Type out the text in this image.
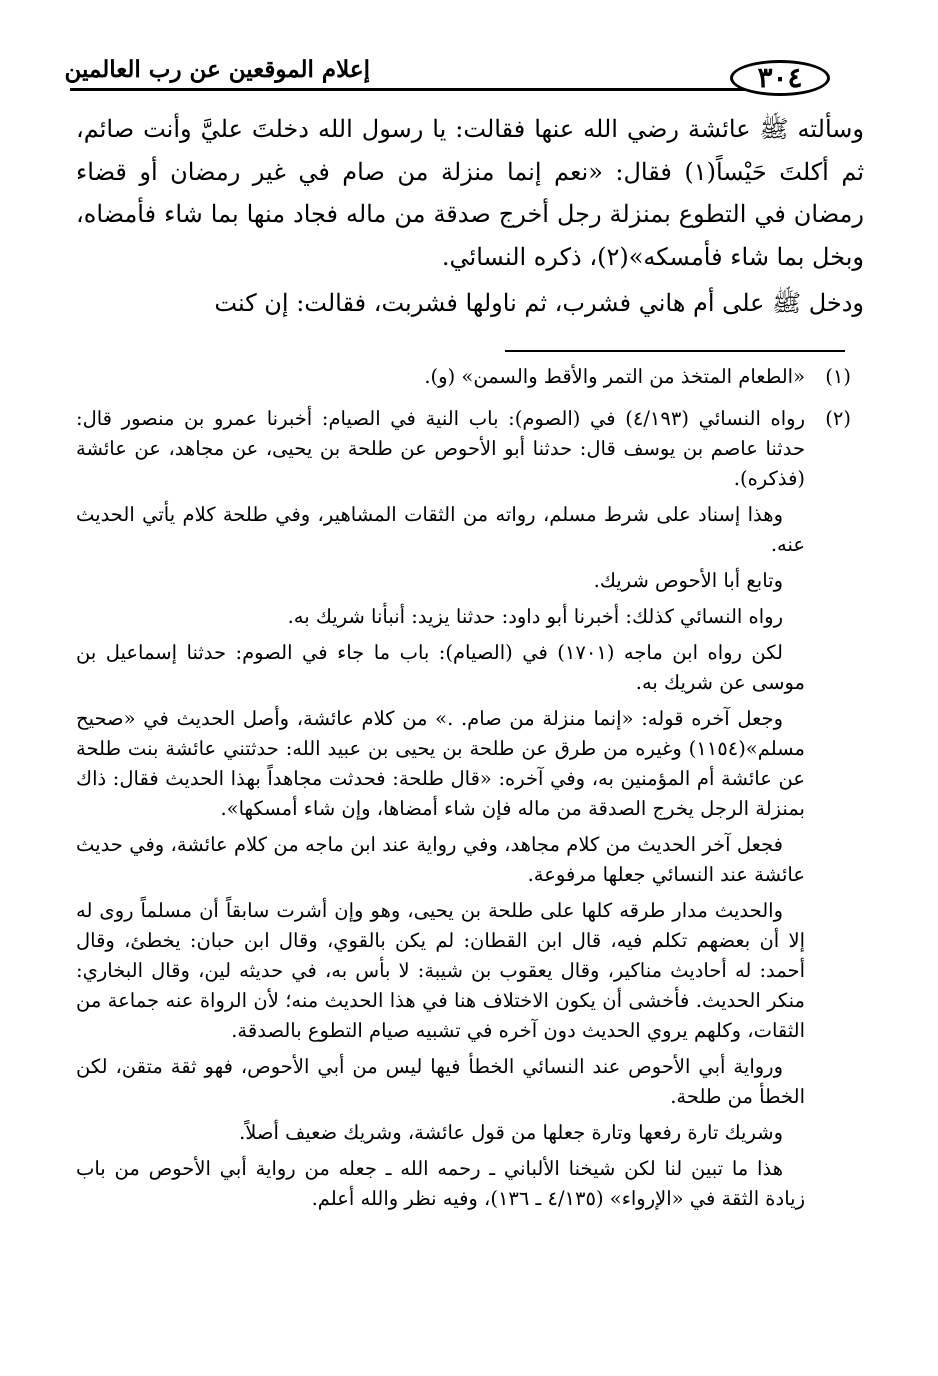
إعلام الموقعين عن رب العالمين	٣٠٤

وسألته ﷺ عائشة رضي الله عنها فقالت: يا رسول الله دخلتَ عليَّ وأنت صائم، ثم أكلتَ حَيْساً(١) فقال: «نعم إنما منزلة من صام في غير رمضان أو قضاء رمضان في التطوع بمنزلة رجل أخرج صدقة من ماله فجاد منها بما شاء فأمضاه، وبخل بما شاء فأمسكه»(٢)، ذكره النسائي.

ودخل ﷺ على أم هاني فشرب، ثم ناولها فشربت، فقالت: إن كنت

(١)

«الطعام المتخذ من التمر والأقط والسمن» (و).

(٢)

رواه النسائي (٤/١٩٣) في (الصوم): باب النية في الصيام: أخبرنا عمرو بن منصور قال: حدثنا عاصم بن يوسف قال: حدثنا أبو الأحوص عن طلحة بن يحيى، عن مجاهد، عن عائشة (فذكره).

وهذا إسناد على شرط مسلم، رواته من الثقات المشاهير، وفي طلحة كلام يأتي الحديث عنه.

وتابع أبا الأحوص شريك.

رواه النسائي كذلك: أخبرنا أبو داود: حدثنا يزيد: أنبأنا شريك به.

لكن رواه ابن ماجه (١٧٠١) في (الصيام): باب ما جاء في الصوم: حدثنا إسماعيل بن موسى عن شريك به.

وجعل آخره قوله: «إنما منزلة من صام. .» من كلام عائشة، وأصل الحديث في «صحيح مسلم»(١١٥٤) وغيره من طرق عن طلحة بن يحيى بن عبيد الله: حدثتني عائشة بنت طلحة عن عائشة أم المؤمنين به، وفي آخره: «قال طلحة: فحدثت مجاهداً بهذا الحديث فقال: ذاك بمنزلة الرجل يخرج الصدقة من ماله فإن شاء أمضاها، وإن شاء أمسكها».

فجعل آخر الحديث من كلام مجاهد، وفي رواية عند ابن ماجه من كلام عائشة، وفي حديث عائشة عند النسائي جعلها مرفوعة.

والحديث مدار طرقه كلها على طلحة بن يحيى، وهو وإن أشرت سابقاً أن مسلماً روى له إلا أن بعضهم تكلم فيه، قال ابن القطان: لم يكن بالقوي، وقال ابن حبان: يخطئ، وقال أحمد: له أحاديث مناكير، وقال يعقوب بن شيبة: لا بأس به، في حديثه لين، وقال البخاري: منكر الحديث. فأخشى أن يكون الاختلاف هنا في هذا الحديث منه؛ لأن الرواة عنه جماعة من الثقات، وكلهم يروي الحديث دون آخره في تشبيه صيام التطوع بالصدقة.

ورواية أبي الأحوص عند النسائي الخطأ فيها ليس من أبي الأحوص، فهو ثقة متقن، لكن الخطأ من طلحة.

وشريك تارة رفعها وتارة جعلها من قول عائشة، وشريك ضعيف أصلاً.

هذا ما تبين لنا لكن شيخنا الألباني ـ رحمه الله ـ جعله من رواية أبي الأحوص من باب زيادة الثقة في «الإرواء» (٤/١٣٥ ـ ١٣٦)، وفيه نظر والله أعلم.
